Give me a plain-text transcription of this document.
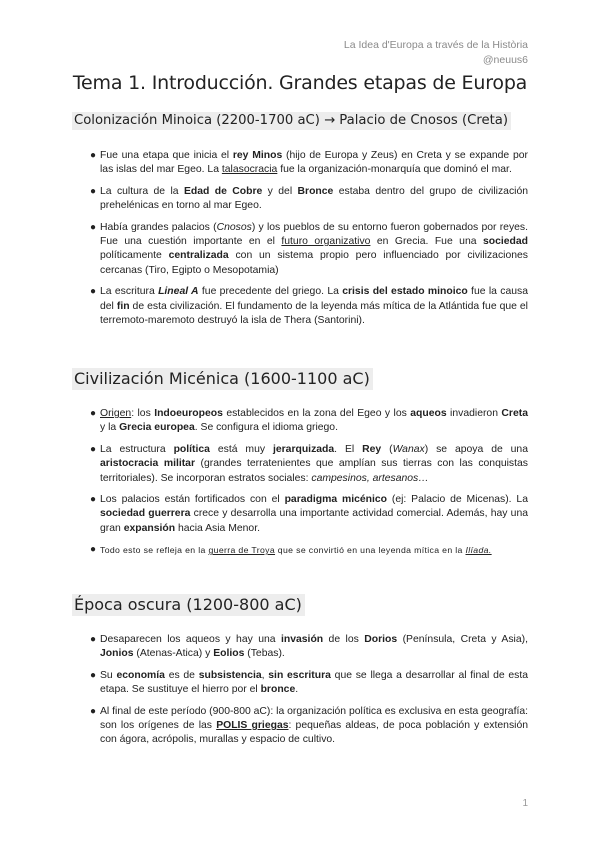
La Idea d'Europa a través de la Història
@neuus6
Tema 1. Introducción. Grandes etapas de Europa
Colonización Minoica (2200-1700 aC) → Palacio de Cnosos (Creta)
● Fue una etapa que inicia el rey Minos (hijo de Europa y Zeus) en Creta y se expande por las islas del mar Egeo. La talasocracia fue la organización-monarquía que dominó el mar.
● La cultura de la Edad de Cobre y del Bronce estaba dentro del grupo de civilización prehelénicas en torno al mar Egeo.
● Había grandes palacios (Cnosos) y los pueblos de su entorno fueron gobernados por reyes. Fue una cuestión importante en el futuro organizativo en Grecia. Fue una sociedad políticamente centralizada con un sistema propio pero influenciado por civilizaciones cercanas (Tiro, Egipto o Mesopotamia)
● La escritura Lineal A fue precedente del griego. La crisis del estado minoico fue la causa del fin de esta civilización. El fundamento de la leyenda más mítica de la Atlántida fue que el terremoto-maremoto destruyó la isla de Thera (Santorini).
Civilización Micénica (1600-1100 aC)
● Origen: los Indoeuropeos establecidos en la zona del Egeo y los aqueos invadieron Creta y la Grecia europea. Se configura el idioma griego.
● La estructura política está muy jerarquizada. El Rey (Wanax) se apoya de una aristocracia militar (grandes terratenientes que amplían sus tierras con las conquistas territoriales). Se incorporan estratos sociales: campesinos, artesanos…
● Los palacios están fortificados con el paradigma micénico (ej: Palacio de Micenas). La sociedad guerrera crece y desarrolla una importante actividad comercial. Además, hay una gran expansión hacia Asia Menor.
● Todo esto se refleja en la guerra de Troya que se convirtió en una leyenda mítica en la Ilíada.
Época oscura (1200-800 aC)
● Desaparecen los aqueos y hay una invasión de los Dorios (Península, Creta y Asia), Jonios (Atenas-Atica) y Eolios (Tebas).
● Su economía es de subsistencia, sin escritura que se llega a desarrollar al final de esta etapa. Se sustituye el hierro por el bronce.
● Al final de este período (900-800 aC): la organización política es exclusiva en esta geografía: son los orígenes de las POLIS griegas: pequeñas aldeas, de poca población y extensión con ágora, acrópolis, murallas y espacio de cultivo.
1
